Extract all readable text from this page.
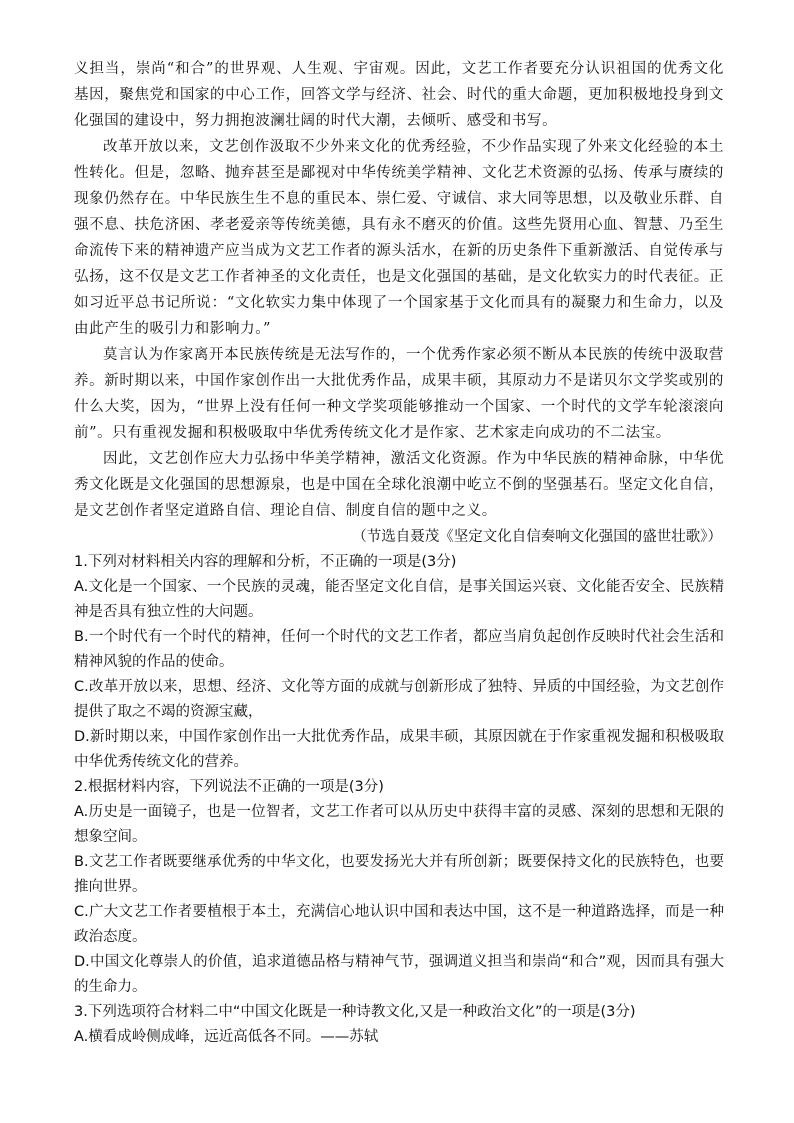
义担当，崇尚“和合”的世界观、人生观、宇宙观。因此，文艺工作者要充分认识祖国的优秀文化基因，聚焦党和国家的中心工作，回答文学与经济、社会、时代的重大命题，更加积极地投身到文化强国的建设中，努力拥抱波澜壮阔的时代大潮，去倾听、感受和书写。

改革开放以来，文艺创作汲取不少外来文化的优秀经验，不少作品实现了外来文化经验的本土性转化。但是，忽略、抛弃甚至是鄙视对中华传统美学精神、文化艺术资源的弘扬、传承与赓续的现象仍然存在。中华民族生生不息的重民本、崇仁爱、守诚信、求大同等思想，以及敬业乐群、自强不息、扶危济困、孝老爱亲等传统美德，具有永不磨灭的价值。这些先贤用心血、智慧、乃至生命流传下来的精神遗产应当成为文艺工作者的源头活水，在新的历史条件下重新激活、自觉传承与弘扬，这不仅是文艺工作者神圣的文化责任，也是文化强国的基础，是文化软实力的时代表征。正如习近平总书记所说：“文化软实力集中体现了一个国家基于文化而具有的凝聚力和生命力，以及由此产生的吸引力和影响力。”

莫言认为作家离开本民族传统是无法写作的，一个优秀作家必须不断从本民族的传统中汲取营养。新时期以来，中国作家创作出一大批优秀作品，成果丰硕，其原动力不是诺贝尔文学奖或别的什么大奖，因为，“世界上没有任何一种文学奖项能够推动一个国家、一个时代的文学车轮滚滚向前”。只有重视发掘和积极吸取中华优秀传统文化才是作家、艺术家走向成功的不二法宝。

因此，文艺创作应大力弘扬中华美学精神，激活文化资源。作为中华民族的精神命脉，中华优秀文化既是文化强国的思想源泉，也是中国在全球化浪潮中屹立不倒的坚强基石。坚定文化自信，是文艺创作者坚定道路自信、理论自信、制度自信的题中之义。

（节选自聂茂《坚定文化自信奏响文化强国的盛世壮歌》）

1.下列对材料相关内容的理解和分析，不正确的一项是(3分)

A.文化是一个国家、一个民族的灵魂，能否坚定文化自信，是事关国运兴衰、文化能否安全、民族精神是否具有独立性的大问题。

B.一个时代有一个时代的精神，任何一个时代的文艺工作者，都应当肩负起创作反映时代社会生活和精神风貌的作品的使命。

C.改革开放以来，思想、经济、文化等方面的成就与创新形成了独特、异质的中国经验，为文艺创作提供了取之不竭的资源宝藏，

D.新时期以来，中国作家创作出一大批优秀作品，成果丰硕，其原因就在于作家重视发掘和积极吸取中华优秀传统文化的营养。

2.根据材料内容，下列说法不正确的一项是(3分)

A.历史是一面镜子，也是一位智者，文艺工作者可以从历史中获得丰富的灵感、深刻的思想和无限的想象空间。

B.文艺工作者既要继承优秀的中华文化，也要发扬光大并有所创新；既要保持文化的民族特色，也要推向世界。

C.广大文艺工作者要植根于本土，充满信心地认识中国和表达中国，这不是一种道路选择，而是一种政治态度。

D.中国文化尊崇人的价值，追求道德品格与精神气节，强调道义担当和崇尚“和合”观，因而具有强大的生命力。

3.下列选项符合材料二中“中国文化既是一种诗教文化,又是一种政治文化”的一项是(3分)

A.横看成岭侧成峰，远近高低各不同。——苏轼
